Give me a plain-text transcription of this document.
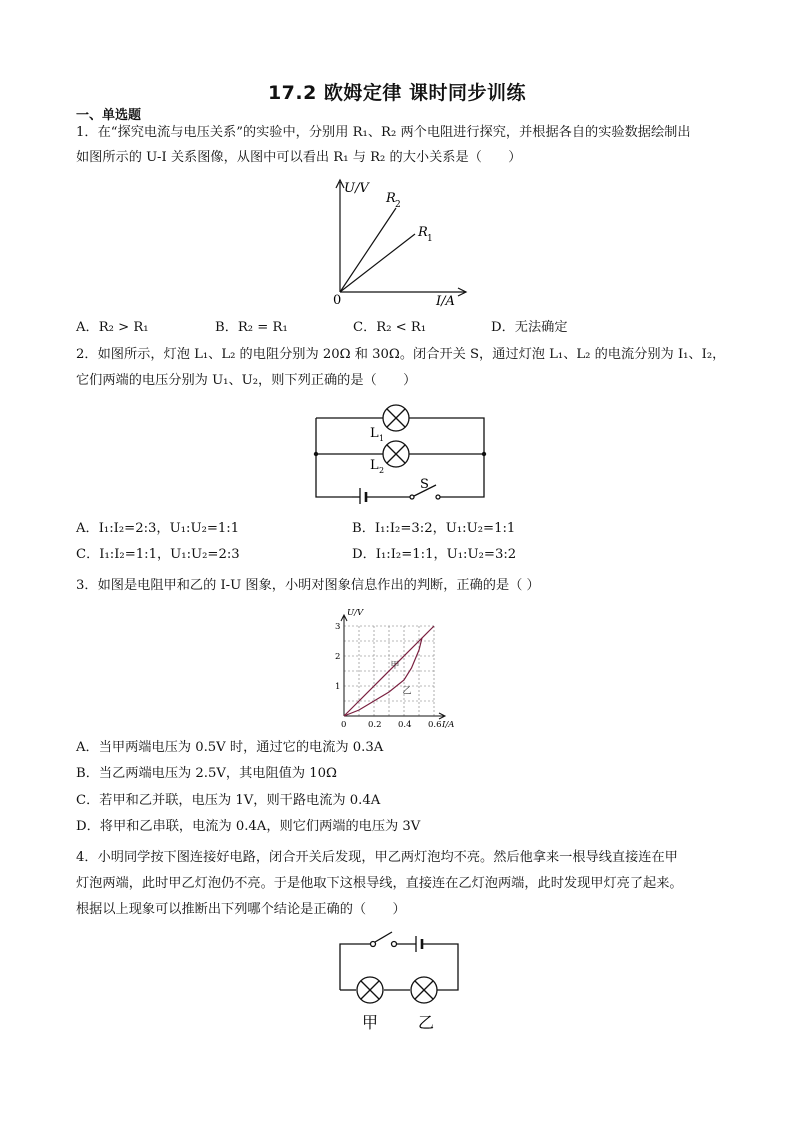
17.2 欧姆定律 课时同步训练
一、单选题
1．在“探究电流与电压关系”的实验中，分别用 R₁、R₂ 两个电阻进行探究，并根据各自的实验数据绘制出
如图所示的 U-I 关系图像，从图中可以看出 R₁ 与 R₂ 的大小关系是（　　）
U/V
I/A
0
R 2
R 1
A．R₂ > R₁	B．R₂ = R₁	C．R₂ < R₁	D．无法确定
2．如图所示，灯泡 L₁、L₂ 的电阻分别为 20Ω 和 30Ω。闭合开关 S，通过灯泡 L₁、L₂ 的电流分别为 I₁、I₂，
它们两端的电压分别为 U₁、U₂，则下列正确的是（　　）
L 1
L 2
S
A．I₁:I₂=2:3，U₁:U₂=1:1	B．I₁:I₂=3:2，U₁:U₂=1:1
C．I₁:I₂=1:1，U₁:U₂=2:3	D．I₁:I₂=1:1，U₁:U₂=3:2
3．如图是电阻甲和乙的 I-U 图象，小明对图象信息作出的判断，正确的是（ ）
甲
乙
0	0.2 0.4 0.6
1
2
3
U/V
I/A
A．当甲两端电压为 0.5V 时，通过它的电流为 0.3A
B．当乙两端电压为 2.5V，其电阻值为 10Ω
C．若甲和乙并联，电压为 1V，则干路电流为 0.4A
D．将甲和乙串联，电流为 0.4A，则它们两端的电压为 3V
4．小明同学按下图连接好电路，闭合开关后发现，甲乙两灯泡均不亮。然后他拿来一根导线直接连在甲
灯泡两端，此时甲乙灯泡仍不亮。于是他取下这根导线，直接连在乙灯泡两端，此时发现甲灯亮了起来。
根据以上现象可以推断出下列哪个结论是正确的（　　）
甲 乙
